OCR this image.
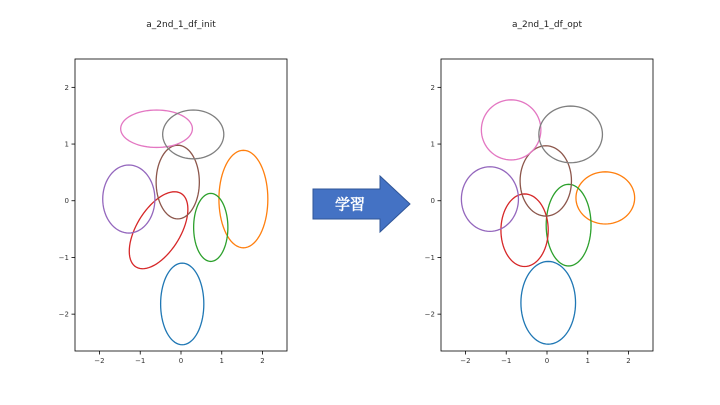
a_2nd_1_df_init
−2	−1	0	1	2
−2
−1
0
1
2
a_2nd_1_df_opt
−2	−1	0	1	2
−2
−1
0
1
2
学習
